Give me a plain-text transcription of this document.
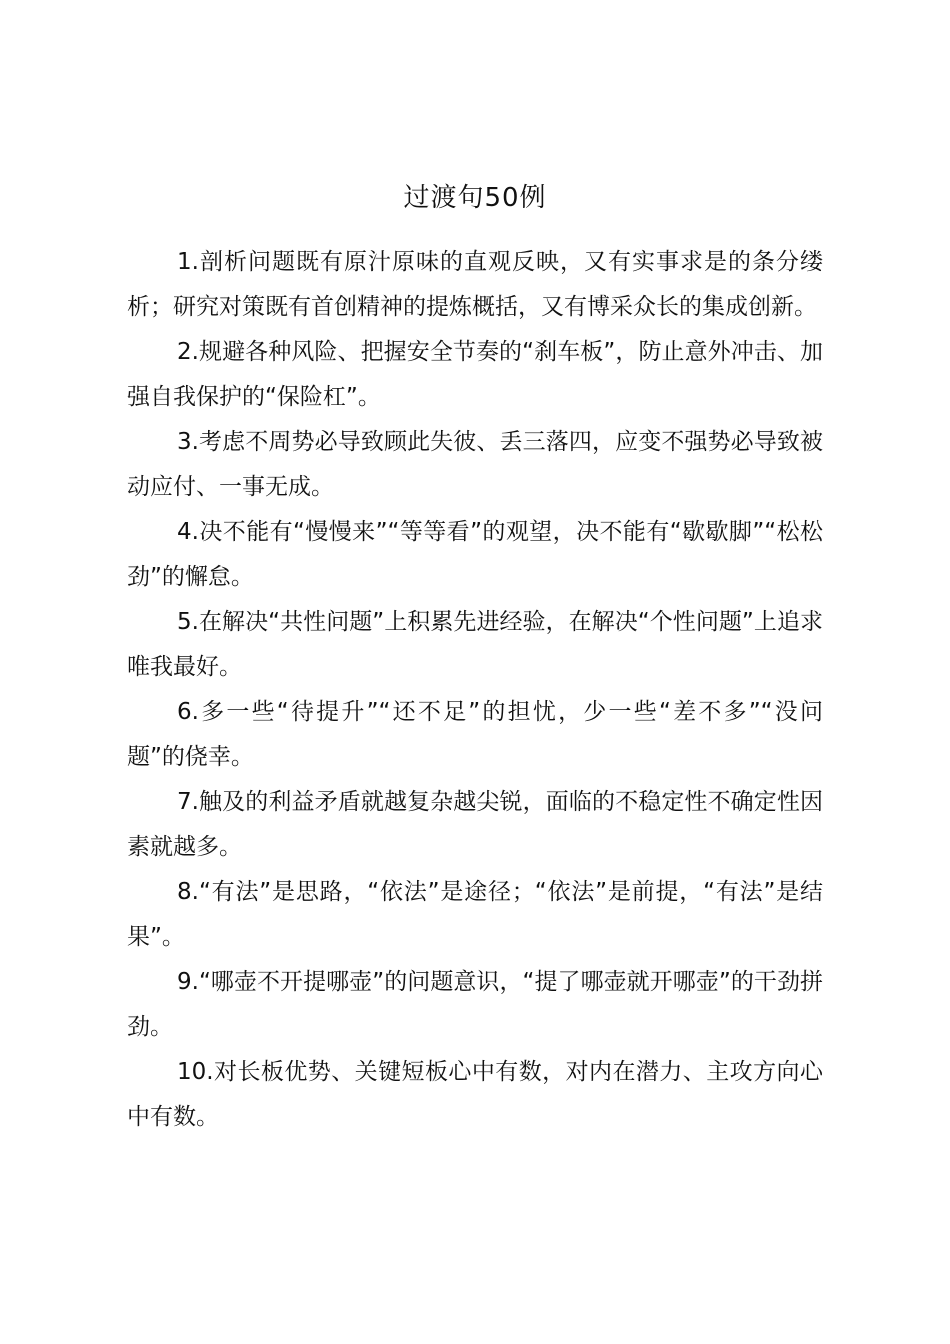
过渡句50例

1.剖析问题既有原汁原味的直观反映，又有实事求是的条分缕析；研究对策既有首创精神的提炼概括，又有博采众长的集成创新。

2.规避各种风险、把握安全节奏的“刹车板”，防止意外冲击、加强自我保护的“保险杠”。

3.考虑不周势必导致顾此失彼、丢三落四，应变不强势必导致被动应付、一事无成。

4.决不能有“慢慢来”“等等看”的观望，决不能有“歇歇脚”“松松劲”的懈怠。

5.在解决“共性问题”上积累先进经验，在解决“个性问题”上追求唯我最好。

6.多一些“待提升”“还不足”的担忧，少一些“差不多”“没问题”的侥幸。

7.触及的利益矛盾就越复杂越尖锐，面临的不稳定性不确定性因素就越多。

8.“有法”是思路，“依法”是途径；“依法”是前提，“有法”是结果”。

9.“哪壶不开提哪壶”的问题意识，“提了哪壶就开哪壶”的干劲拼劲。

10.对长板优势、关键短板心中有数，对内在潜力、主攻方向心中有数。
